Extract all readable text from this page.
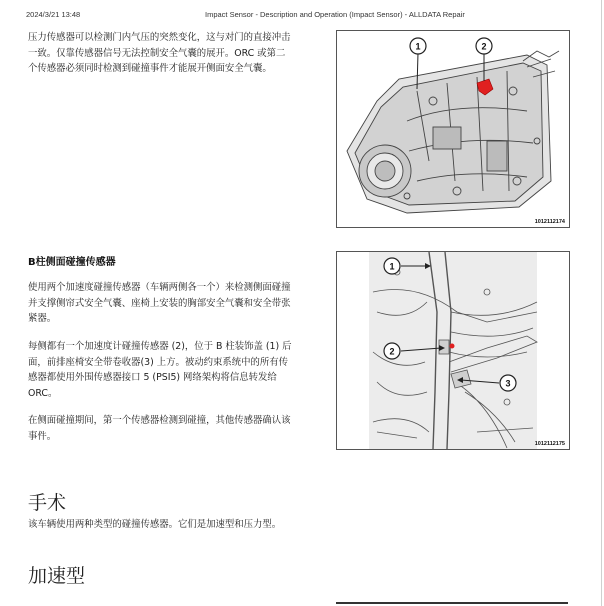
2024/3/21 13:48	Impact Sensor - Description and Operation (Impact Sensor) - ALLDATA Repair

压力传感器可以检测门内气压的突然变化，这与对门的直接冲击
一致。仅靠传感器信号无法控制安全气囊的展开。ORC 或第二
个传感器必须同时检测到碰撞事件才能展开侧面安全气囊。

1	2
1012112174
B柱侧面碰撞传感器

使用两个加速度碰撞传感器（车辆两侧各一个）来检测侧面碰撞
并支撑侧帘式安全气囊、座椅上安装的胸部安全气囊和安全带张
紧器。

每侧都有一个加速度计碰撞传感器 (2)，位于 B 柱装饰盖 (1) 后
面，前排座椅安全带卷收器(3) 上方。被动约束系统中的所有传
感器都使用外围传感器接口 5 (PSI5) 网络架构将信息转发给
ORC。

在侧面碰撞期间，第一个传感器检测到碰撞，其他传感器确认该
事件。

1
2
3
1012112175
手术

该车辆使用两种类型的碰撞传感器。它们是加速型和压力型。

加速型
